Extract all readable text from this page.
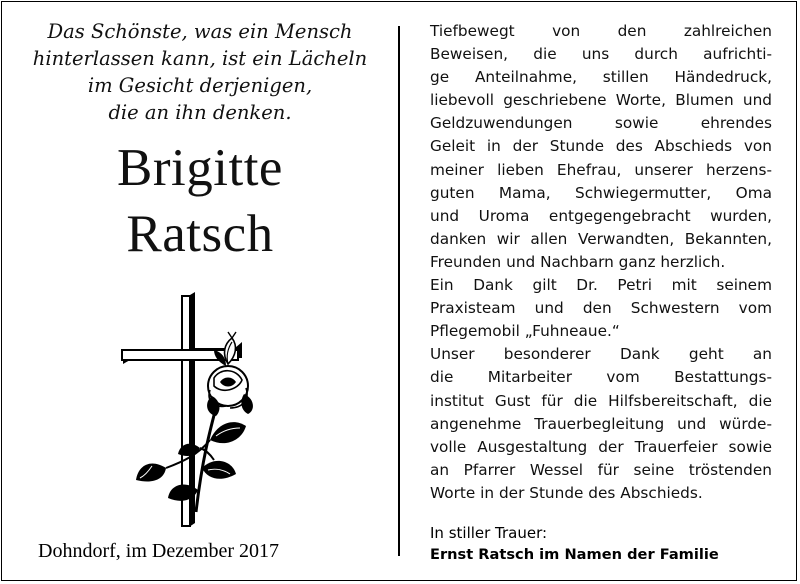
Das Schönste, was ein Mensch
hinterlassen kann, ist ein Lächeln
im Gesicht derjenigen,
die an ihn denken.
Brigitte
Ratsch
Dohndorf, im Dezember 2017
Tiefbewegt von den zahlreichen
Beweisen, die uns durch aufrichti-
ge Anteilnahme, stillen Händedruck,
liebevoll geschriebene Worte, Blumen und
Geldzuwendungen sowie ehrendes
Geleit in der Stunde des Abschieds von
meiner lieben Ehefrau, unserer herzens-
guten Mama, Schwiegermutter, Oma
und Uroma entgegengebracht wurden,
danken wir allen Verwandten, Bekannten,
Freunden und Nachbarn ganz herzlich.
Ein Dank gilt Dr. Petri mit seinem
Praxisteam und den Schwestern vom
Pflegemobil „Fuhneaue.“
Unser besonderer Dank geht an
die Mitarbeiter vom Bestattungs-
institut Gust für die Hilfsbereitschaft, die
angenehme Trauerbegleitung und würde-
volle Ausgestaltung der Trauerfeier sowie
an Pfarrer Wessel für seine tröstenden
Worte in der Stunde des Abschieds.
In stiller Trauer:
Ernst Ratsch im Namen der Familie
